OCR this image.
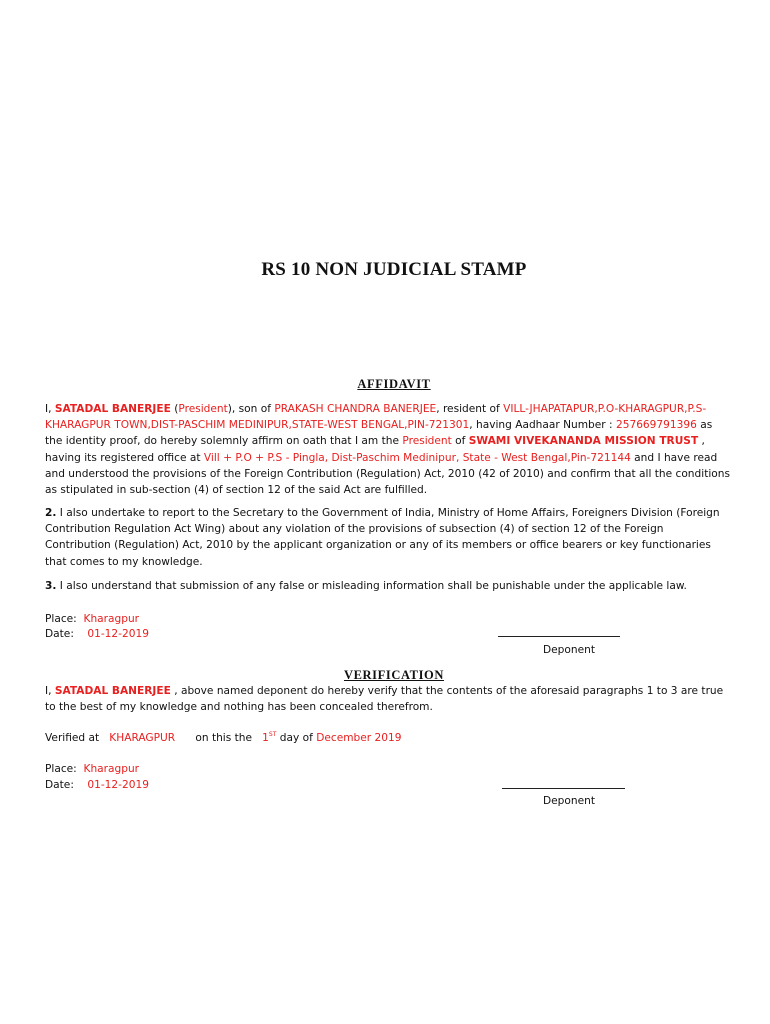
RS 10 NON JUDICIAL STAMP
AFFIDAVIT
I, SATADAL BANERJEE (President), son of PRAKASH CHANDRA BANERJEE, resident of VILL-JHAPATAPUR,P.O-KHARAGPUR,P.S-KHARAGPUR TOWN,DIST-PASCHIM MEDINIPUR,STATE-WEST BENGAL,PIN-721301, having Aadhaar Number : 257669791396 as the identity proof, do hereby solemnly affirm on oath that I am the President of SWAMI VIVEKANANDA MISSION TRUST , having its registered office at Vill + P.O + P.S - Pingla, Dist-Paschim Medinipur, State - West Bengal,Pin-721144 and I have read and understood the provisions of the Foreign Contribution (Regulation) Act, 2010 (42 of 2010) and confirm that all the conditions as stipulated in sub-section (4) of section 12 of the said Act are fulfilled.
2. I also undertake to report to the Secretary to the Government of India, Ministry of Home Affairs, Foreigners Division (Foreign Contribution Regulation Act Wing) about any violation of the provisions of subsection (4) of section 12 of the Foreign Contribution (Regulation) Act, 2010 by the applicant organization or any of its members or office bearers or key functionaries that comes to my knowledge.
3. I also understand that submission of any false or misleading information shall be punishable under the applicable law.
Place: Kharagpur
Date: 01-12-2019
Deponent
VERIFICATION
I, SATADAL BANERJEE , above named deponent do hereby verify that the contents of the aforesaid paragraphs 1 to 3 are true to the best of my knowledge and nothing has been concealed therefrom.
Verified at KHARAGPUR on this the 1ST day of December 2019
Place: Kharagpur
Date: 01-12-2019
Deponent
